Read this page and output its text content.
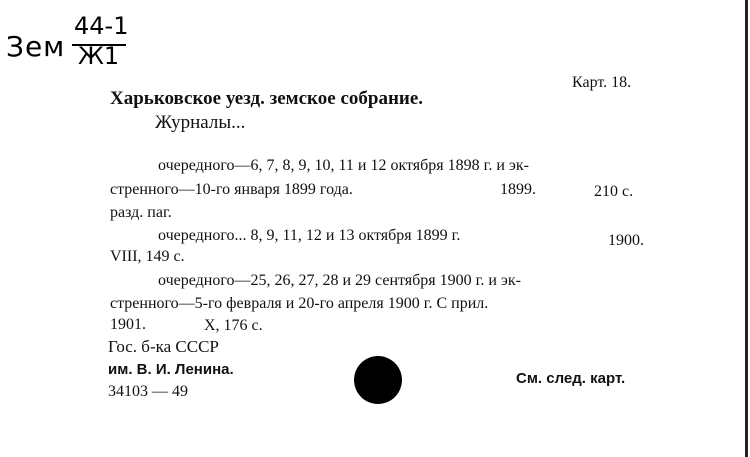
Зем
44-1
Ж1
Карт. 18.
Харьковское уезд. земское собрание.
Журналы...
очередного—6, 7, 8, 9, 10, 11 и 12 октября 1898 г. и эк-
стренного—10-го января 1899 года.	1899.	210 с.
разд. паг.
очередного... 8, 9, 11, 12 и 13 октября 1899 г.	1900.
VIII, 149 с.
очередного—25, 26, 27, 28 и 29 сентября 1900 г. и эк-
стренного—5-го февраля и 20-го апреля 1900 г. С прил.
1901.	X, 176 с.
Гос. б-ка СССР
им. В. И. Ленина.
34103 — 49
См. след. карт.
